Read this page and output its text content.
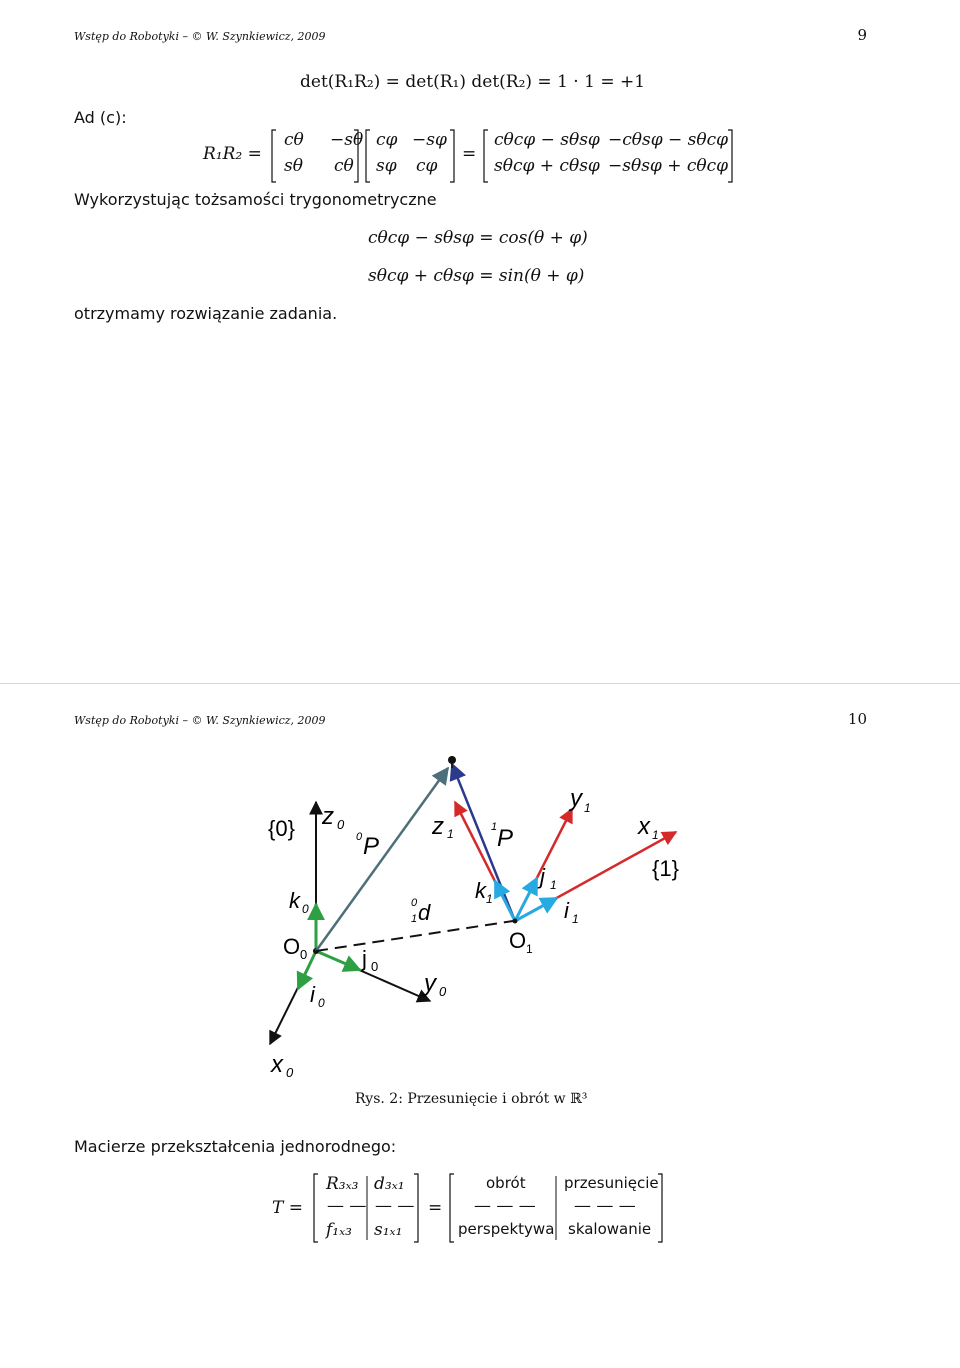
Wstęp do Robotyki – © W. Szynkiewicz, 2009	9
det(R₁R₂) = det(R₁) det(R₂) = 1 · 1 = +1
Ad (c):
R₁R₂ =
cθ −sθ
sθ cθ
cφ −sφ
sφ cφ
=
cθcφ − sθsφ −cθsφ − sθcφ
sθcφ + cθsφ −sθsφ + cθcφ
Wykorzystując tożsamości trygonometryczne
cθcφ − sθsφ = cos(θ + φ)
sθcφ + cθsφ = sin(θ + φ)
otrzymamy rozwiązanie zadania.
Wstęp do Robotyki – © W. Szynkiewicz, 2009	10
{0} z 0
k 0
O 0
i 0
j 0
x 0
y 0
0 P
0
1 d
z 1
k 1
1 P
O 1
y 1
j 1
i 1
x 1
{1}
Rys. 2: Przesunięcie i obrót w ℝ³
Macierze przekształcenia jednorodnego:
T =
R₃ₓ₃ d₃ₓ₁
— — — —
f₁ₓ₃ s₁ₓ₁
=
obrót	przesunięcie
— — — — — —
perspektywa skalowanie
